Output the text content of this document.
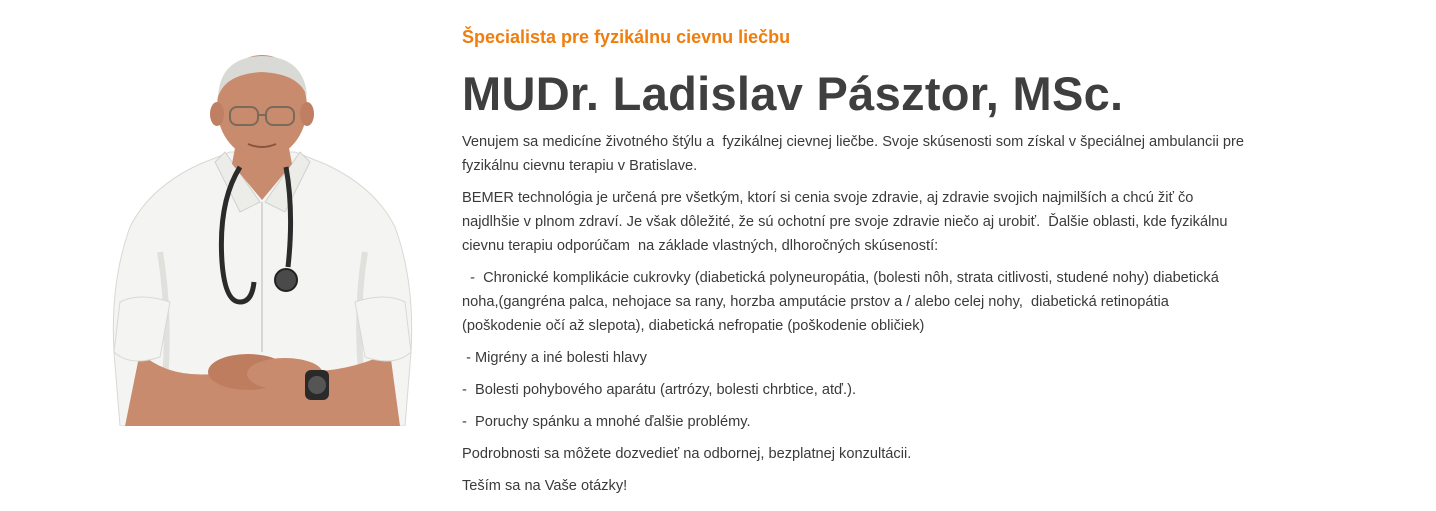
Špecialista pre fyzikálnu cievnu liečbu
MUDr. Ladislav Pásztor, MSc.

Venujem sa medicíne životného štýlu a  fyzikálnej cievnej liečbe. Svoje skúsenosti som získal v špeciálnej ambulancii pre fyzikálnu cievnu terapiu v Bratislave.

BEMER technológia je určená pre všetkým, ktorí si cenia svoje zdravie, aj zdravie svojich najmilších a chcú žiť čo najdlhšie v plnom zdraví. Je však dôležité, že sú ochotní pre svoje zdravie niečo aj urobiť.  Ďalšie oblasti, kde fyzikálnu cievnu terapiu odporúčam  na základe vlastných, dlhoročných skúseností:

-  Chronické komplikácie cukrovky (diabetická polyneuropátia, (bolesti nôh, strata citlivosti, studené nohy) diabetická noha,(gangréna palca, nehojace sa rany, horzba amputácie prstov a / alebo celej nohy,  diabetická retinopátia (poškodenie očí až slepota), diabetická nefropatie (poškodenie obličiek)

- Migrény a iné bolesti hlavy

-  Bolesti pohybového aparátu (artrózy, bolesti chrbtice, atď.).

-  Poruchy spánku a mnohé ďalšie problémy.

Podrobnosti sa môžete dozvedieť na odbornej, bezplatnej konzultácii.

Teším sa na Vaše otázky!
